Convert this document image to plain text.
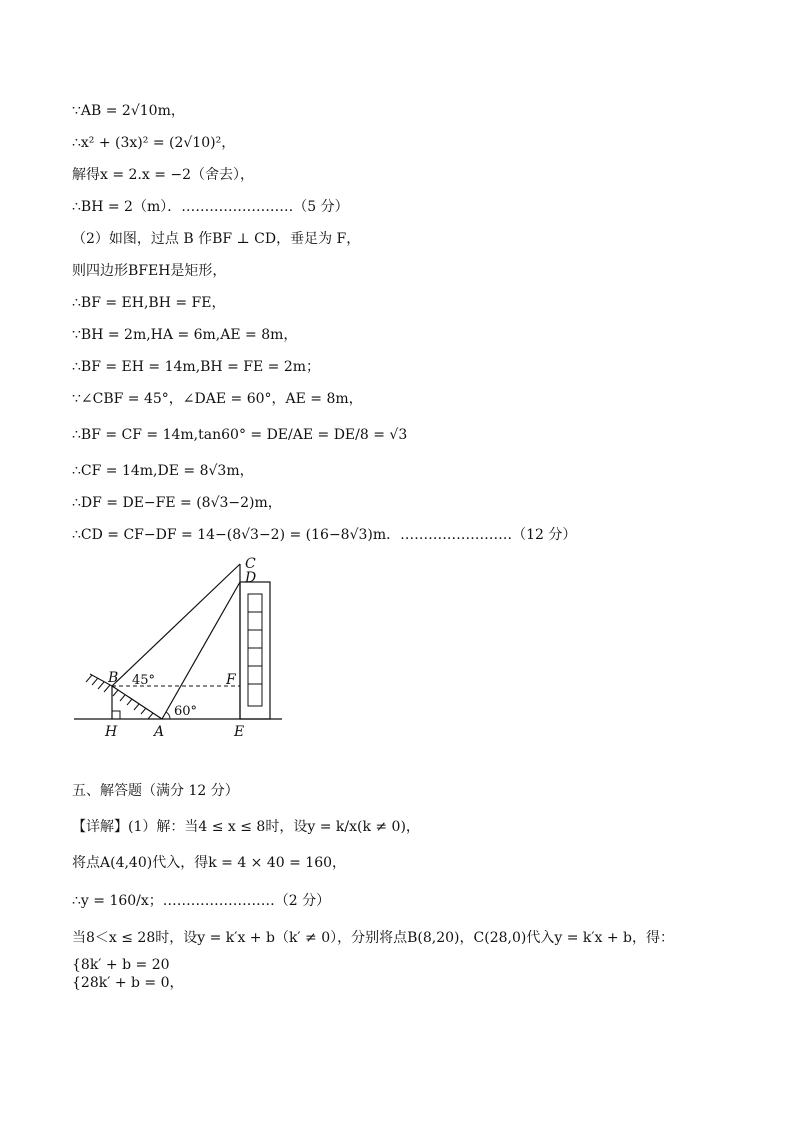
∵AB = 2√10m，
∴x² + (3x)² = (2√10)²，
解得x = 2.x = −2（舍去），
∴BH = 2（m）．……………………（5 分）
（2）如图，过点 B 作BF ⊥ CD，垂足为 F，
则四边形BFEH是矩形，
∴BF = EH,BH = FE，
∵BH = 2m,HA = 6m,AE = 8m，
∴BF = EH = 14m,BH = FE = 2m；
∵∠CBF = 45°，∠DAE = 60°，AE = 8m，
∴BF = CF = 14m,tan60° = DE/AE = DE/8 = √3
∴CF = 14m,DE = 8√3m，
∴DF = DE−FE = (8√3−2)m，
∴CD = CF−DF = 14−(8√3−2) = (16−8√3)m．……………………（12 分）
C
D
B	F
H	A	E
45°
60°
五、解答题（满分 12 分）
【详解】(1）解：当4 ≤ x ≤ 8时，设y = k/x(k ≠ 0)，
将点A(4,40)代入，得k = 4 × 40 = 160，
∴y = 160/x；……………………（2 分）
当8＜x ≤ 28时，设y = k′x + b（k′ ≠ 0），分别将点B(8,20)，C(28,0)代入y = k′x + b，得：
{8k′ + b = 20
{28k′ + b = 0，
